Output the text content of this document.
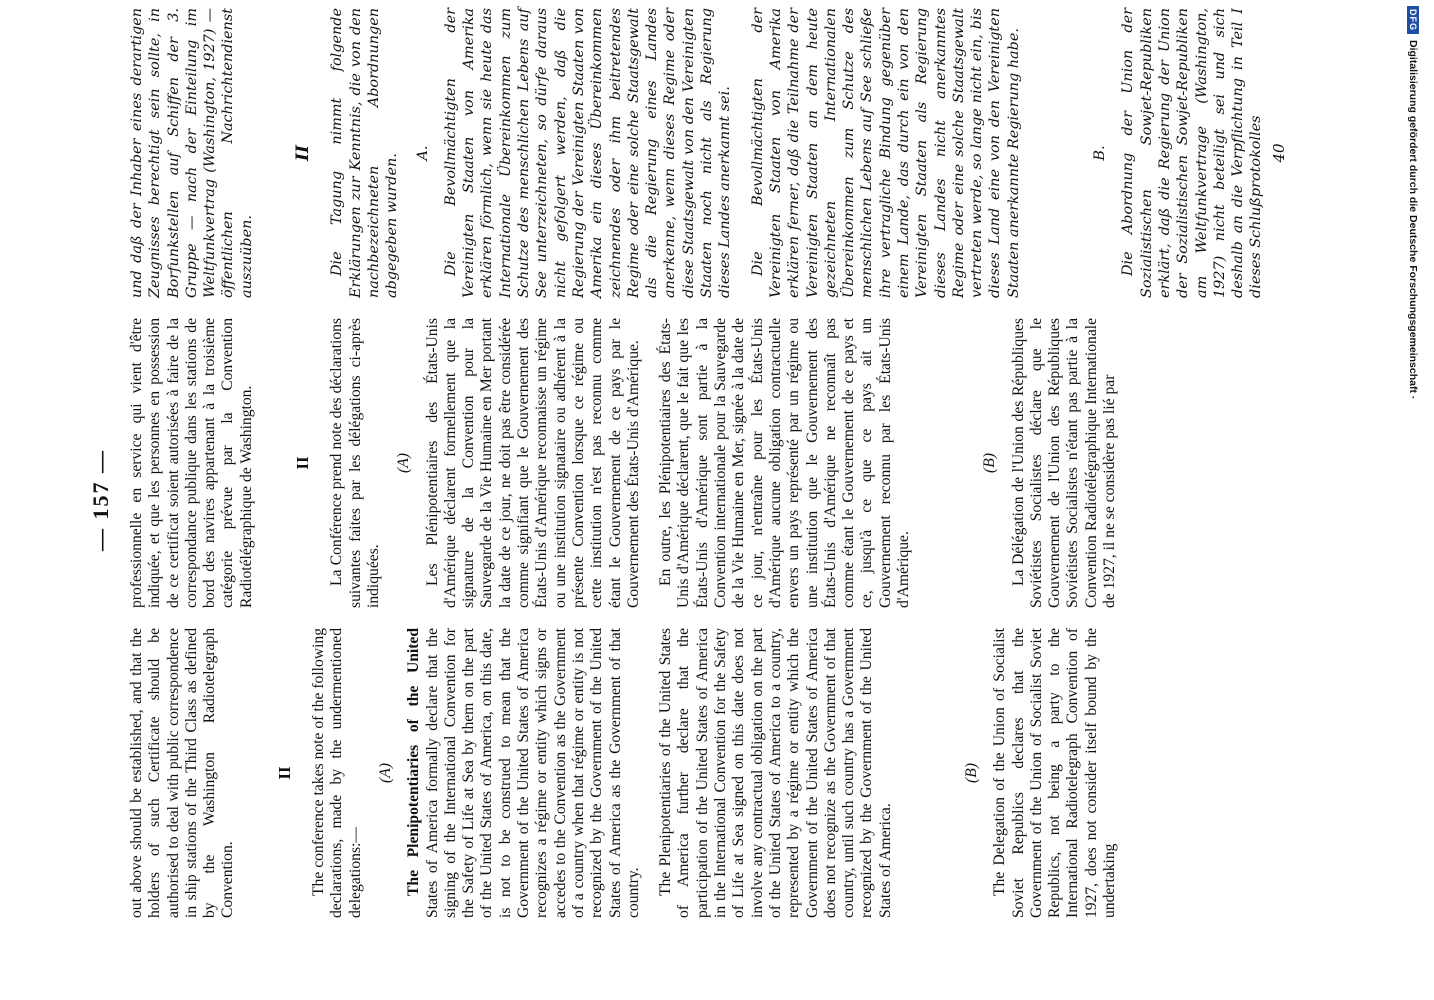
— 157 —

out above should be established, and that the holders of such Certificate should be authorised to deal with public correspondence in ship stations of the Third Class as defined by the Washington Radiotelegraph Convention.

II The conference takes note of the following declarations, made by the undermentioned delegations:—

(A) The Plenipotentiaries of the United States of America formally declare that the signing of the International Convention for the Safety of Life at Sea by them on the part of the United States of America, on this date, is not to be construed to mean that the Government of the United States of America recognizes a régime or entity which signs or accedes to the Convention as the Government of a country when that régime or entity is not recognized by the Government of the United States of America as the Government of that country. The Plenipotentiaries of the United States of America further declare that the participation of the United States of America in the International Convention for the Safety of Life at Sea signed on this date does not involve any contractual obligation on the part of the United States of America to a country, represented by a régime or entity which the Government of the United States of America does not recognize as the Government of that country, until such country has a Government recognized by the Government of the United States of America.

(B) The Delegation of the Union of Socialist Soviet Republics declares that the Government of the Union of Socialist Soviet Republics, not being a party to the International Radiotelegraph Convention of 1927, does not consider itself bound by the undertaking

professionnelle en service qui vient d'être indiquée, et que les personnes en possession de ce certificat soient autorisées à faire de la correspondance publique dans les stations de bord des navires appartenant à la troisième catégorie prévue par la Convention Radiotélégraphique de Washington. II La Conférence prend note des déclarations suivantes faites par les délégations ci-après indiquées.

(A) Les Plénipotentiaires des États-Unis d'Amérique déclarent formellement que la signature de la Convention pour la Sauvegarde de la Vie Humaine en Mer portant la date de ce jour, ne doit pas être considérée comme signifiant que le Gouvernement des États-Unis d'Amérique reconnaisse un régime ou une institution signataire ou adhérent à la présente Convention lorsque ce régime ou cette institution n'est pas reconnu comme étant le Gouvernement de ce pays par le Gouvernement des États-Unis d'Amérique. En outre, les Plénipotentiaires des États-Unis d'Amérique déclarent, que le fait que les États-Unis d'Amérique sont partie à la Convention internationale pour la Sauvegarde de la Vie Humaine en Mer, signée à la date de ce jour, n'entraîne pour les États-Unis d'Amérique aucune obligation contractuelle envers un pays représenté par un régime ou une institution que le Gouvernement des États-Unis d'Amérique ne reconnaît pas comme étant le Gouvernement de ce pays et ce, jusqu'à ce que ce pays ait un Gouvernement reconnu par les États-Unis d'Amérique.

(B) La Délégation de l'Union des Républiques Soviétistes Socialistes déclare que le Gouvernement de l'Union des Républiques Soviétistes Socialistes n'étant pas partie à la Convention Radiotélégraphique Internationale de 1927, il ne se considère pas lié par

und daß der Inhaber eines derartigen Zeugnisses berechtigt sein sollte, in Borfunkstellen auf Schiffen der 3. Gruppe — nach der Einteilung im Weltfunkvertrag (Washington, 1927) — öffentlichen Nachrichtendienst auszuüben.

II Die Tagung nimmt folgende Erklärungen zur Kenntnis, die von den nachbezeichneten Abordnungen abgegeben wurden.

A. Die Bevollmächtigten der Vereinigten Staaten von Amerika erklären förmlich, wenn sie heute das Internationale Übereinkommen zum Schutze des menschlichen Lebens auf See unterzeichneten, so dürfe daraus nicht gefolgert werden, daß die Regierung der Vereinigten Staaten von Amerika ein dieses Übereinkommen zeichnendes oder ihm beitretendes Regime oder eine solche Staatsgewalt als die Regierung eines Landes anerkenne, wenn dieses Regime oder diese Staatsgewalt von den Vereinigten Staaten noch nicht als Regierung dieses Landes anerkannt sei. Die Bevollmächtigten der Vereinigten Staaten von Amerika erklären ferner, daß die Teilnahme der Vereinigten Staaten an dem heute gezeichneten Internationalen Übereinkommen zum Schutze des menschlichen Lebens auf See schließe ihre vertragliche Bindung gegenüber einem Lande, das durch ein von den Vereinigten Staaten als Regierung dieses Landes nicht anerkanntes Regime oder eine solche Staatsgewalt vertreten werde, so lange nicht ein, bis dieses Land eine von den Vereinigten Staaten anerkannte Regierung habe.	B. Die Abordnung der Union der Sozialistischen Sowjet-Republiken erklärt, daß die Regierung der Union der Sozialistischen Sowjet-Republiken am Weltfunkvertrage (Washington, 1927) nicht beteiligt sei und sich deshalb an die Verpflichtung in Teil I dieses Schlußprotokolles 40
DFG
Digitalisierung gefördert durch die Deutsche Forschungsgemeinschaft ·
